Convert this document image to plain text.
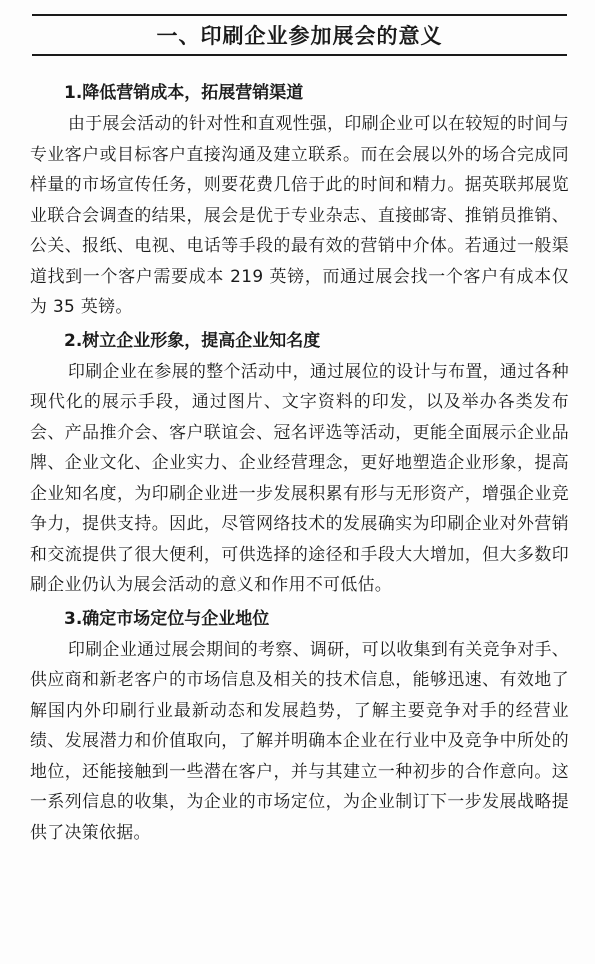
一、印刷企业参加展会的意义
1.降低营销成本，拓展营销渠道

由于展会活动的针对性和直观性强，印刷企业可以在较短的时间与专业客户或目标客户直接沟通及建立联系。而在会展以外的场合完成同样量的市场宣传任务，则要花费几倍于此的时间和精力。据英联邦展览业联合会调查的结果，展会是优于专业杂志、直接邮寄、推销员推销、公关、报纸、电视、电话等手段的最有效的营销中介体。若通过一般渠道找到一个客户需要成本 219 英镑，而通过展会找一个客户有成本仅为 35 英镑。

2.树立企业形象，提高企业知名度

印刷企业在参展的整个活动中，通过展位的设计与布置，通过各种现代化的展示手段，通过图片、文字资料的印发，以及举办各类发布会、产品推介会、客户联谊会、冠名评选等活动，更能全面展示企业品牌、企业文化、企业实力、企业经营理念，更好地塑造企业形象，提高企业知名度，为印刷企业进一步发展积累有形与无形资产，增强企业竞争力，提供支持。因此，尽管网络技术的发展确实为印刷企业对外营销和交流提供了很大便利，可供选择的途径和手段大大增加，但大多数印刷企业仍认为展会活动的意义和作用不可低估。

3.确定市场定位与企业地位

印刷企业通过展会期间的考察、调研，可以收集到有关竞争对手、供应商和新老客户的市场信息及相关的技术信息，能够迅速、有效地了解国内外印刷行业最新动态和发展趋势，了解主要竞争对手的经营业绩、发展潜力和价值取向，了解并明确本企业在行业中及竞争中所处的地位，还能接触到一些潜在客户，并与其建立一种初步的合作意向。这一系列信息的收集，为企业的市场定位，为企业制订下一步发展战略提供了决策依据。
